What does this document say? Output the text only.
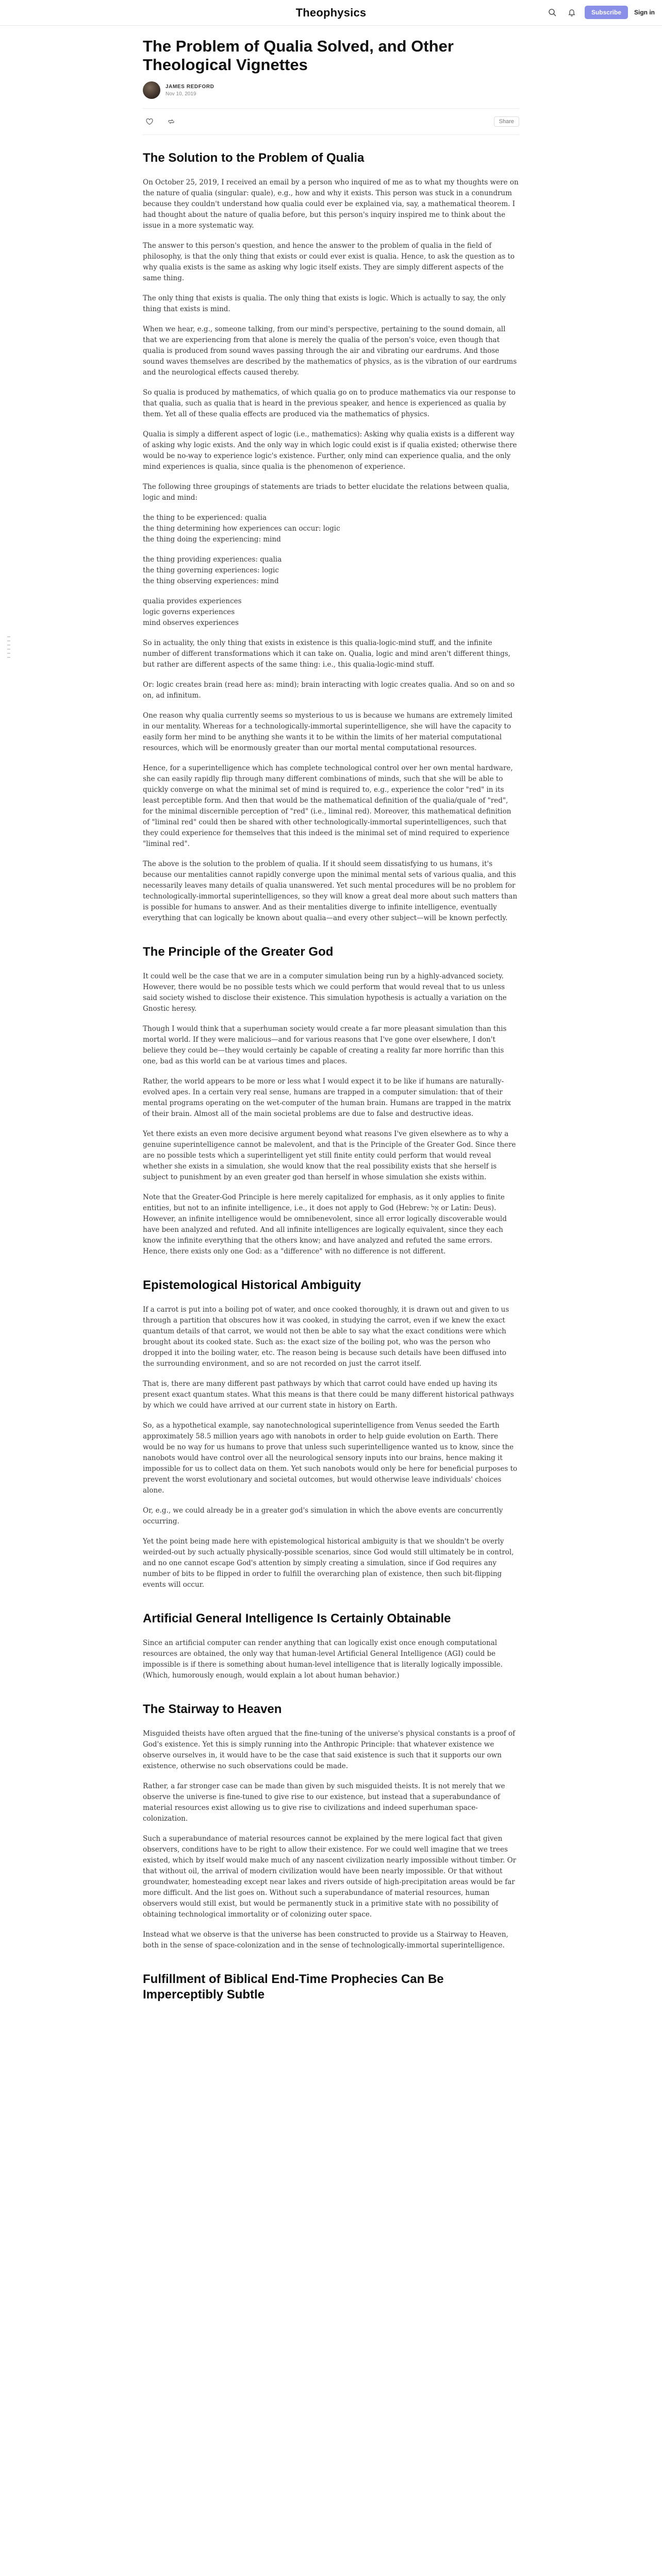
Theophysics	Subscribe	Sign in
The Problem of Qualia Solved, and Other Theological Vignettes
JAMES REDFORD
Nov 10, 2019
Share
The Solution to the Problem of Qualia

On October 25, 2019, I received an email by a person who inquired of me as to what my thoughts were on the nature of qualia (singular: quale), e.g., how and why it exists. This person was stuck in a conundrum because they couldn't understand how qualia could ever be explained via, say, a mathematical theorem. I had thought about the nature of qualia before, but this person's inquiry inspired me to think about the issue in a more systematic way.

The answer to this person's question, and hence the answer to the problem of qualia in the field of philosophy, is that the only thing that exists or could ever exist is qualia. Hence, to ask the question as to why qualia exists is the same as asking why logic itself exists. They are simply different aspects of the same thing.

The only thing that exists is qualia. The only thing that exists is logic. Which is actually to say, the only thing that exists is mind.

When we hear, e.g., someone talking, from our mind's perspective, pertaining to the sound domain, all that we are experiencing from that alone is merely the qualia of the person's voice, even though that qualia is produced from sound waves passing through the air and vibrating our eardrums. And those sound waves themselves are described by the mathematics of physics, as is the vibration of our eardrums and the neurological effects caused thereby.

So qualia is produced by mathematics, of which qualia go on to produce mathematics via our response to that qualia, such as qualia that is heard in the previous speaker, and hence is experienced as qualia by them. Yet all of these qualia effects are produced via the mathematics of physics.

Qualia is simply a different aspect of logic (i.e., mathematics): Asking why qualia exists is a different way of asking why logic exists. And the only way in which logic could exist is if qualia existed; otherwise there would be no-way to experience logic's existence. Further, only mind can experience qualia, and the only mind experiences is qualia, since qualia is the phenomenon of experience.

The following three groupings of statements are triads to better elucidate the relations between qualia, logic and mind:

the thing to be experienced: qualia
the thing determining how experiences can occur: logic
the thing doing the experiencing: mind
the thing providing experiences: qualia
the thing governing experiences: logic
the thing observing experiences: mind
qualia provides experiences
logic governs experiences
mind observes experiences

So in actuality, the only thing that exists in existence is this qualia-logic-mind stuff, and the infinite number of different transformations which it can take on. Qualia, logic and mind aren't different things, but rather are different aspects of the same thing: i.e., this qualia-logic-mind stuff.

Or: logic creates brain (read here as: mind); brain interacting with logic creates qualia. And so on and so on, ad infinitum.

One reason why qualia currently seems so mysterious to us is because we humans are extremely limited in our mentality. Whereas for a technologically-immortal superintelligence, she will have the capacity to easily form her mind to be anything she wants it to be within the limits of her material computational resources, which will be enormously greater than our mortal mental computational resources.

Hence, for a superintelligence which has complete technological control over her own mental hardware, she can easily rapidly flip through many different combinations of minds, such that she will be able to quickly converge on what the minimal set of mind is required to, e.g., experience the color "red" in its least perceptible form. And then that would be the mathematical definition of the qualia/quale of "red", for the minimal discernible perception of "red" (i.e., liminal red). Moreover, this mathematical definition of "liminal red" could then be shared with other technologically-immortal superintelligences, such that they could experience for themselves that this indeed is the minimal set of mind required to experience "liminal red".

The above is the solution to the problem of qualia. If it should seem dissatisfying to us humans, it's because our mentalities cannot rapidly converge upon the minimal mental sets of various qualia, and this necessarily leaves many details of qualia unanswered. Yet such mental procedures will be no problem for technologically-immortal superintelligences, so they will know a great deal more about such matters than is possible for humans to answer. And as their mentalities diverge to infinite intelligence, eventually everything that can logically be known about qualia—and every other subject—will be known perfectly.

The Principle of the Greater God

It could well be the case that we are in a computer simulation being run by a highly-advanced society. However, there would be no possible tests which we could perform that would reveal that to us unless said society wished to disclose their existence. This simulation hypothesis is actually a variation on the Gnostic heresy.

Though I would think that a superhuman society would create a far more pleasant simulation than this mortal world. If they were malicious—and for various reasons that I've gone over elsewhere, I don't believe they could be—they would certainly be capable of creating a reality far more horrific than this one, bad as this world can be at various times and places.

Rather, the world appears to be more or less what I would expect it to be like if humans are naturally-evolved apes. In a certain very real sense, humans are trapped in a computer simulation: that of their mental programs operating on the wet-computer of the human brain. Humans are trapped in the matrix of their brain. Almost all of the main societal problems are due to false and destructive ideas.

Yet there exists an even more decisive argument beyond what reasons I've given elsewhere as to why a genuine superintelligence cannot be malevolent, and that is the Principle of the Greater God. Since there are no possible tests which a superintelligent yet still finite entity could perform that would reveal whether she exists in a simulation, she would know that the real possibility exists that she herself is subject to punishment by an even greater god than herself in whose simulation she exists within.

Note that the Greater-God Principle is here merely capitalized for emphasis, as it only applies to finite entities, but not to an infinite intelligence, i.e., it does not apply to God (Hebrew: אֵל or Latin: Deus). However, an infinite intelligence would be omnibenevolent, since all error logically discoverable would have been analyzed and refuted. And all infinite intelligences are logically equivalent, since they each know the infinite everything that the others know; and have analyzed and refuted the same errors. Hence, there exists only one God: as a "difference" with no difference is not different.

Epistemological Historical Ambiguity

If a carrot is put into a boiling pot of water, and once cooked thoroughly, it is drawn out and given to us through a partition that obscures how it was cooked, in studying the carrot, even if we knew the exact quantum details of that carrot, we would not then be able to say what the exact conditions were which brought about its cooked state. Such as: the exact size of the boiling pot, who was the person who dropped it into the boiling water, etc. The reason being is because such details have been diffused into the surrounding environment, and so are not recorded on just the carrot itself.

That is, there are many different past pathways by which that carrot could have ended up having its present exact quantum states. What this means is that there could be many different historical pathways by which we could have arrived at our current state in history on Earth.

So, as a hypothetical example, say nanotechnological superintelligence from Venus seeded the Earth approximately 58.5 million years ago with nanobots in order to help guide evolution on Earth. There would be no way for us humans to prove that unless such superintelligence wanted us to know, since the nanobots would have control over all the neurological sensory inputs into our brains, hence making it impossible for us to collect data on them. Yet such nanobots would only be here for beneficial purposes to prevent the worst evolutionary and societal outcomes, but would otherwise leave individuals' choices alone.

Or, e.g., we could already be in a greater god's simulation in which the above events are concurrently occurring.

Yet the point being made here with epistemological historical ambiguity is that we shouldn't be overly weirded-out by such actually physically-possible scenarios, since God would still ultimately be in control, and no one cannot escape God's attention by simply creating a simulation, since if God requires any number of bits to be flipped in order to fulfill the overarching plan of existence, then such bit-flipping events will occur.

Artificial General Intelligence Is Certainly Obtainable

Since an artificial computer can render anything that can logically exist once enough computational resources are obtained, the only way that human-level Artificial General Intelligence (AGI) could be impossible is if there is something about human-level intelligence that is literally logically impossible. (Which, humorously enough, would explain a lot about human behavior.)

The Stairway to Heaven

Misguided theists have often argued that the fine-tuning of the universe's physical constants is a proof of God's existence. Yet this is simply running into the Anthropic Principle: that whatever existence we observe ourselves in, it would have to be the case that said existence is such that it supports our own existence, otherwise no such observations could be made.

Rather, a far stronger case can be made than given by such misguided theists. It is not merely that we observe the universe is fine-tuned to give rise to our existence, but instead that a superabundance of material resources exist allowing us to give rise to civilizations and indeed superhuman space-colonization.

Such a superabundance of material resources cannot be explained by the mere logical fact that given observers, conditions have to be right to allow their existence. For we could well imagine that we trees existed, which by itself would make much of any nascent civilization nearly impossible without timber. Or that without oil, the arrival of modern civilization would have been nearly impossible. Or that without groundwater, homesteading except near lakes and rivers outside of high-precipitation areas would be far more difficult. And the list goes on. Without such a superabundance of material resources, human observers would still exist, but would be permanently stuck in a primitive state with no possibility of obtaining technological immortality or of colonizing outer space.

Instead what we observe is that the universe has been constructed to provide us a Stairway to Heaven, both in the sense of space-colonization and in the sense of technologically-immortal superintelligence.

Fulfillment of Biblical End-Time Prophecies Can Be Imperceptibly Subtle
